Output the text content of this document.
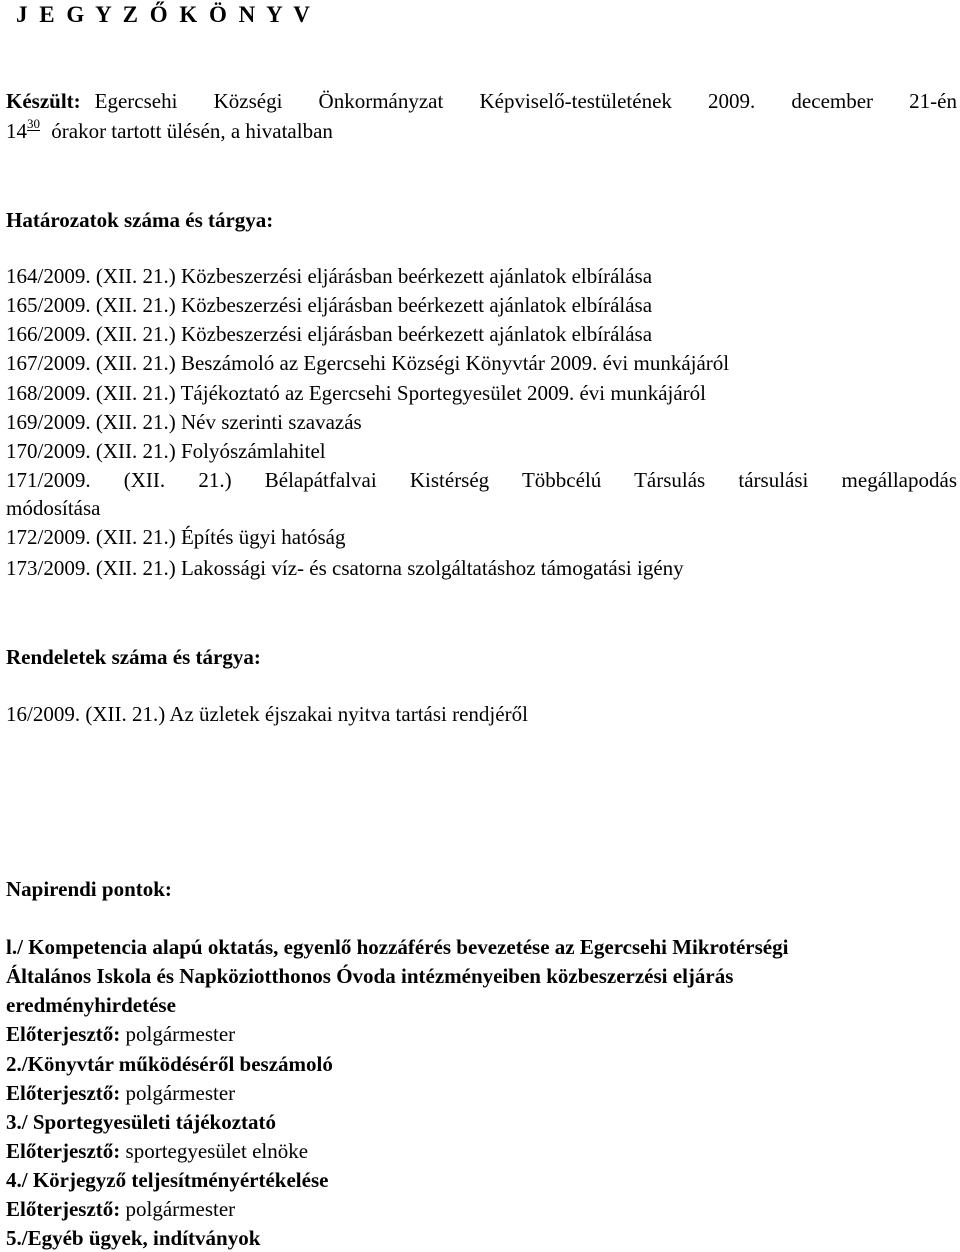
J E G Y Z Ő K Ö N Y V
Készült: Egercsehi Községi Önkormányzat Képviselő-testületének 2009. december 21-én
$14^{30}$ órakor tartott ülésén, a hivatalban
Határozatok száma és tárgya:
164/2009. (XII. 21.) Közbeszerzési eljárásban beérkezett ajánlatok elbírálása
165/2009. (XII. 21.) Közbeszerzési eljárásban beérkezett ajánlatok elbírálása
166/2009. (XII. 21.) Közbeszerzési eljárásban beérkezett ajánlatok elbírálása
167/2009. (XII. 21.) Beszámoló az Egercsehi Községi Könyvtár 2009. évi munkájáról
168/2009. (XII. 21.) Tájékoztató az Egercsehi Sportegyesület 2009. évi munkájáról
169/2009. (XII. 21.) Név szerinti szavazás
170/2009. (XII. 21.) Folyószámlahitel
171/2009. (XII. 21.) Bélapátfalvai Kistérség Többcélú Társulás társulási megállapodás
módosítása
172/2009. (XII. 21.) Építés ügyi hatóság
173/2009. (XII. 21.) Lakossági víz- és csatorna szolgáltatáshoz támogatási igény
Rendeletek száma és tárgya:
16/2009. (XII. 21.) Az üzletek éjszakai nyitva tartási rendjéről
Napirendi pontok:
l./ Kompetencia alapú oktatás, egyenlő hozzáférés bevezetése az Egercsehi Mikrotérségi
Általános Iskola és Napköziotthonos Óvoda intézményeiben közbeszerzési eljárás
eredményhirdetése
Előterjesztő: polgármester
2./Könyvtár működéséről beszámoló
Előterjesztő: polgármester
3./ Sportegyesületi tájékoztató
Előterjesztő: sportegyesület elnöke
4./ Körjegyző teljesítményértékelése
Előterjesztő: polgármester
5./Egyéb ügyek, indítványok
